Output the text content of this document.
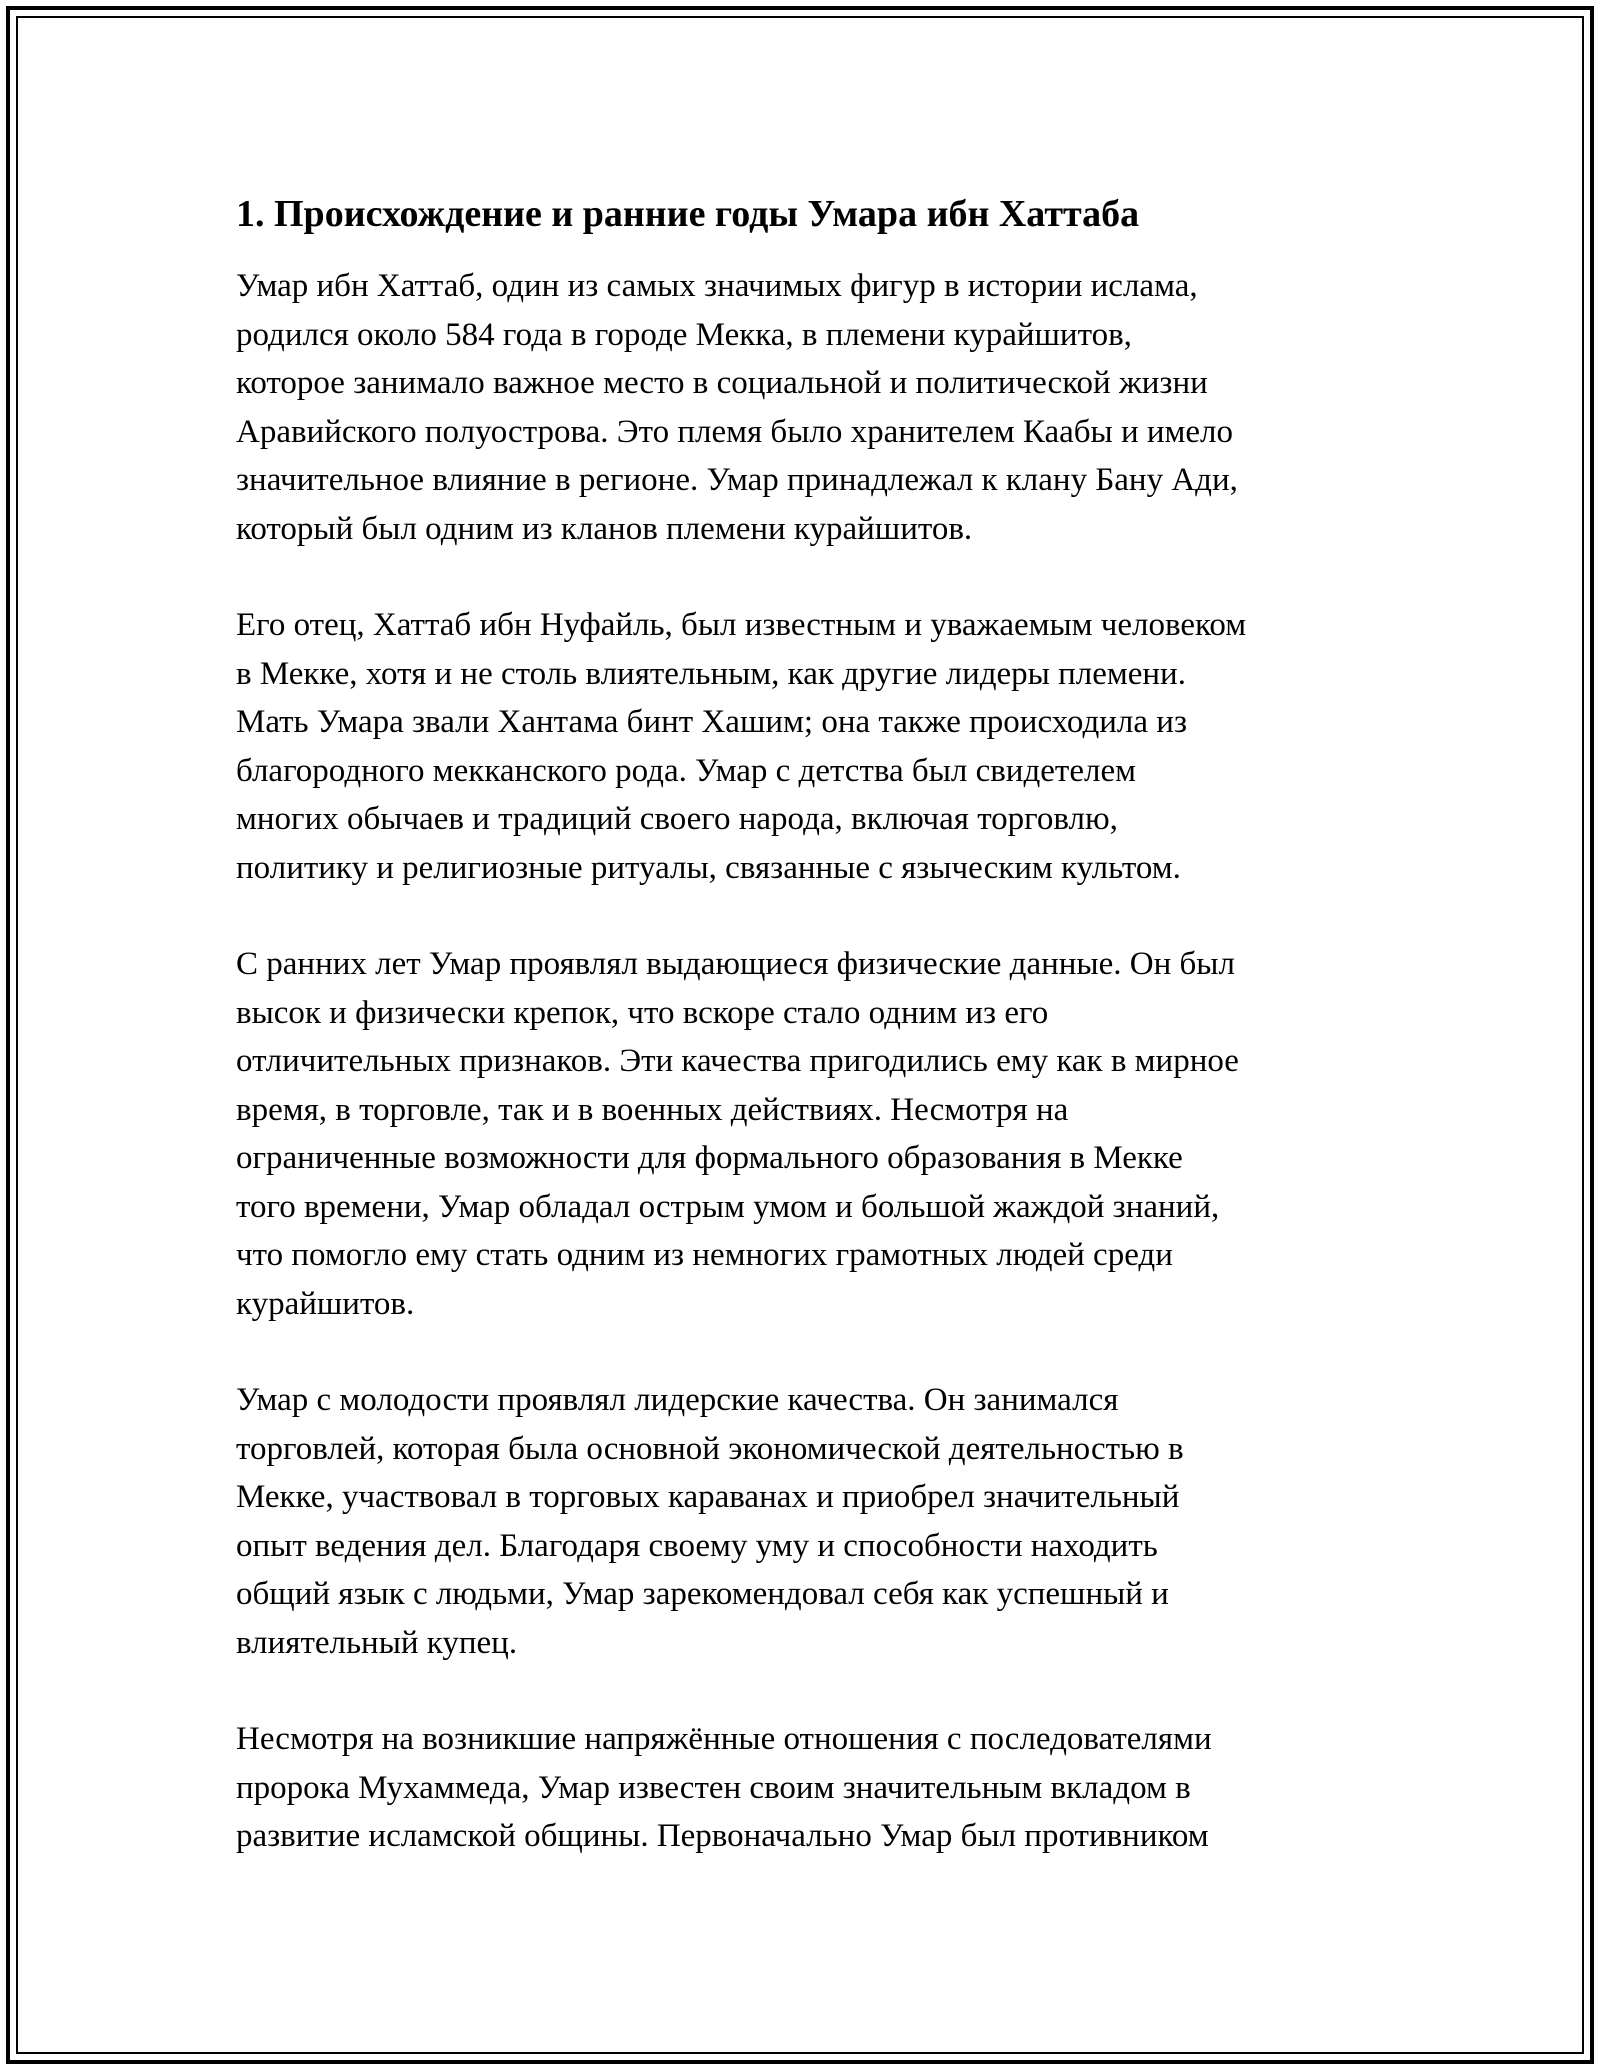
1. Происхождение и ранние годы Умара ибн Хаттаба

Умар ибн Хаттаб, один из самых значимых фигур в истории ислама,
родился около 584 года в городе Мекка, в племени курайшитов,
которое занимало важное место в социальной и политической жизни
Аравийского полуострова. Это племя было хранителем Каабы и имело
значительное влияние в регионе. Умар принадлежал к клану Бану Ади,
который был одним из кланов племени курайшитов.

Его отец, Хаттаб ибн Нуфайль, был известным и уважаемым человеком
в Мекке, хотя и не столь влиятельным, как другие лидеры племени.
Мать Умара звали Хантама бинт Хашим; она также происходила из
благородного мекканского рода. Умар с детства был свидетелем
многих обычаев и традиций своего народа, включая торговлю,
политику и религиозные ритуалы, связанные с языческим культом.

С ранних лет Умар проявлял выдающиеся физические данные. Он был
высок и физически крепок, что вскоре стало одним из его
отличительных признаков. Эти качества пригодились ему как в мирное
время, в торговле, так и в военных действиях. Несмотря на
ограниченные возможности для формального образования в Мекке
того времени, Умар обладал острым умом и большой жаждой знаний,
что помогло ему стать одним из немногих грамотных людей среди
курайшитов.

Умар с молодости проявлял лидерские качества. Он занимался
торговлей, которая была основной экономической деятельностью в
Мекке, участвовал в торговых караванах и приобрел значительный
опыт ведения дел. Благодаря своему уму и способности находить
общий язык с людьми, Умар зарекомендовал себя как успешный и
влиятельный купец.

Несмотря на возникшие напряжённые отношения с последователями
пророка Мухаммеда, Умар известен своим значительным вкладом в
развитие исламской общины. Первоначально Умар был противником
